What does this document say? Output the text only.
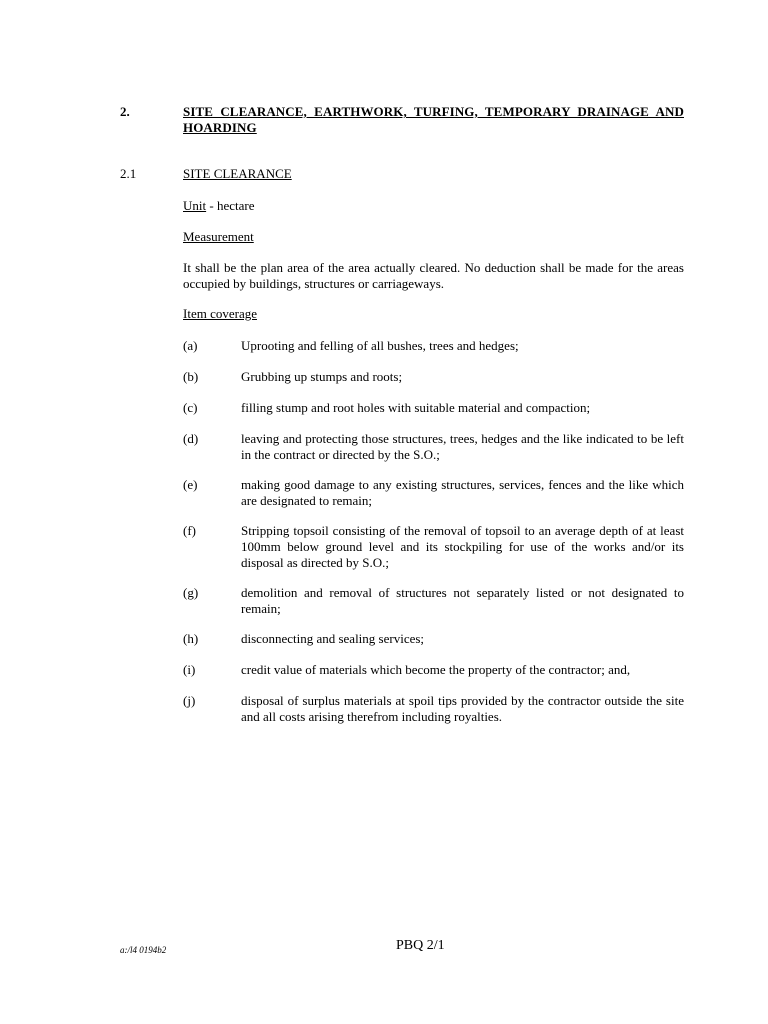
2.	SITE CLEARANCE, EARTHWORK, TURFING, TEMPORARY DRAINAGE AND HOARDING
2.1	SITE CLEARANCE
Unit - hectare
Measurement
It shall be the plan area of the area actually cleared. No deduction shall be made for the areas occupied by buildings, structures or carriageways.
Item coverage
(a)	Uprooting and felling of all bushes, trees and hedges;
(b)	Grubbing up stumps and roots;
(c)	filling stump and root holes with suitable material and compaction;
(d)	leaving and protecting those structures, trees, hedges and the like indicated to be left in the contract or directed by the S.O.;
(e)	making good damage to any existing structures, services, fences and the like which are designated to remain;
(f)	Stripping topsoil consisting of the removal of topsoil to an average depth of at least 100mm below ground level and its stockpiling for use of the works and/or its disposal as directed by S.O.;
(g)	demolition and removal of structures not separately listed or not designated to remain;
(h)	disconnecting and sealing services;
(i)	credit value of materials which become the property of the contractor; and,
(j)	disposal of surplus materials at spoil tips provided by the contractor outside the site and all costs arising therefrom including royalties.
a:/l4 0194b2	PBQ 2/1
